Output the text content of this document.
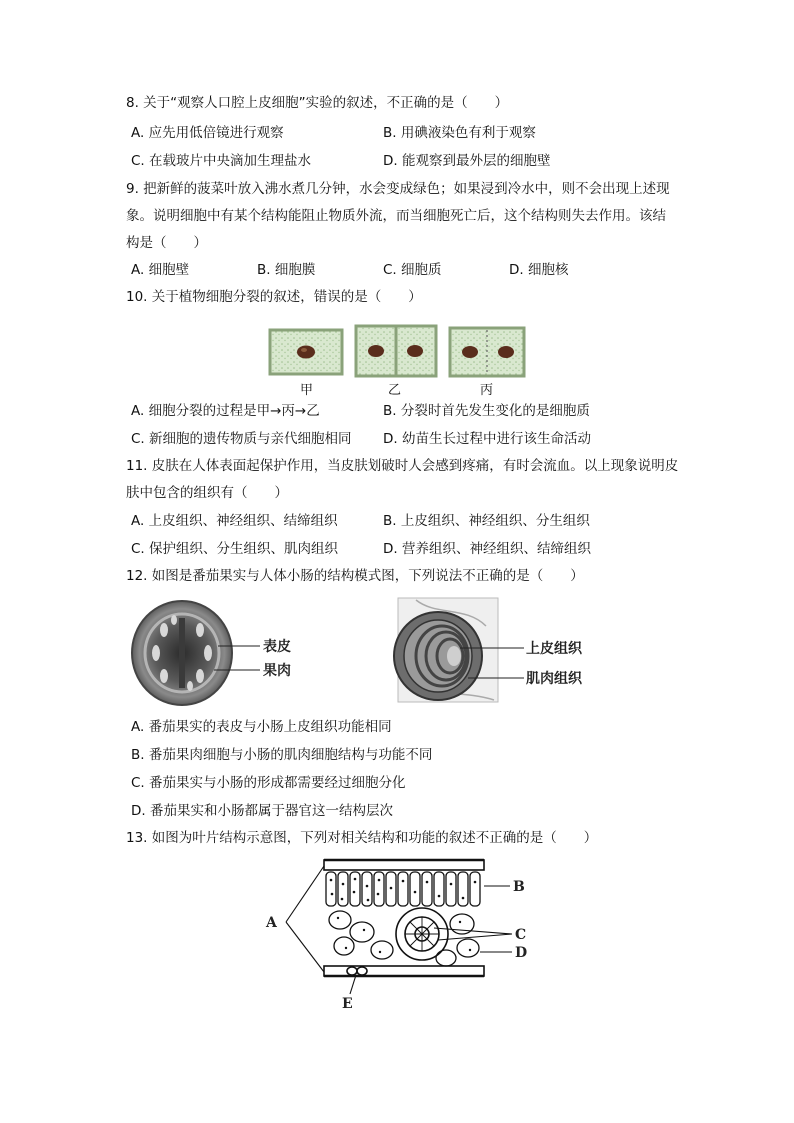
8. 关于“观察人口腔上皮细胞”实验的叙述，不正确的是（　　）
A. 应先用低倍镜进行观察	B. 用碘液染色有利于观察
C. 在载玻片中央滴加生理盐水	D. 能观察到最外层的细胞壁
9. 把新鲜的菠菜叶放入沸水煮几分钟，水会变成绿色；如果浸到冷水中，则不会出现上述现
象。说明细胞中有某个结构能阻止物质外流，而当细胞死亡后，这个结构则失去作用。该结
构是（　　）
A. 细胞壁	B. 细胞膜	C. 细胞质	D. 细胞核
10. 关于植物细胞分裂的叙述，错误的是（　　）
甲	乙	丙
A. 细胞分裂的过程是甲→丙→乙	B. 分裂时首先发生变化的是细胞质
C. 新细胞的遗传物质与亲代细胞相同 D. 幼苗生长过程中进行该生命活动
11. 皮肤在人体表面起保护作用，当皮肤划破时人会感到疼痛，有时会流血。以上现象说明皮
肤中包含的组织有（　　）
A. 上皮组织、神经组织、结缔组织	B. 上皮组织、神经组织、分生组织
C. 保护组织、分生组织、肌肉组织	D. 营养组织、神经组织、结缔组织
12. 如图是番茄果实与人体小肠的结构模式图，下列说法不正确的是（　　）
表皮
果肉
上皮组织
肌肉组织
A. 番茄果实的表皮与小肠上皮组织功能相同
B. 番茄果肉细胞与小肠的肌肉细胞结构与功能不同
C. 番茄果实与小肠的形成都需要经过细胞分化
D. 番茄果实和小肠都属于器官这一结构层次
13. 如图为叶片结构示意图，下列对相关结构和功能的叙述不正确的是（　　）
A
B
C
D
E
